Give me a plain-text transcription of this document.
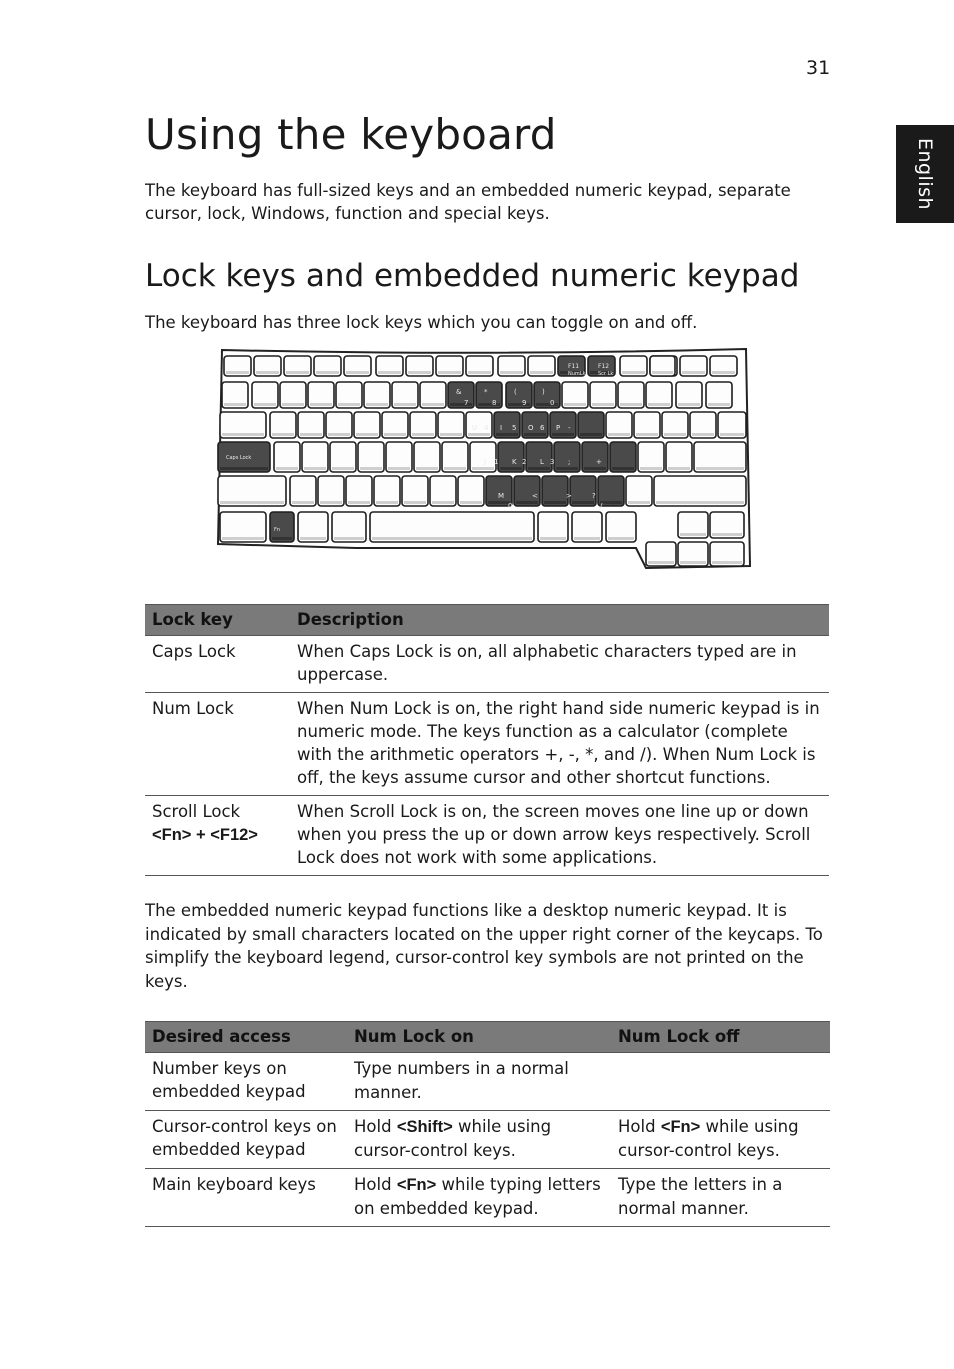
31
English
Using the keyboard

The keyboard has full-sized keys and an embedded numeric keypad, separate cursor, lock, Windows, function and special keys.

Lock keys and embedded numeric keypad

The keyboard has three lock keys which you can toggle on and off.

F11
NumLk
F12
Scr Lk
&
7
*
8
(
9
)
0
U 4 I 5 O 6 P -
Caps Lock	J 1 K 2 L 3 ;	+
M
0
<
.
>
.
?
/
Fn
Lock key	Description
Caps Lock	When Caps Lock is on, all alphabetic characters typed are in uppercase.
Num Lock	When Num Lock is on, the right hand side numeric keypad is in numeric mode. The keys function as a calculator (complete with the arithmetic operators +, -, *, and /). When Num Lock is off, the keys assume cursor and other shortcut functions.
Scroll Lock
<Fn> + <F12>	When Scroll Lock is on, the screen moves one line up or down when you press the up or down arrow keys respectively. Scroll Lock does not work with some applications.

The embedded numeric keypad functions like a desktop numeric keypad. It is indicated by small characters located on the upper right corner of the keycaps. To simplify the keyboard legend, cursor-control key symbols are not printed on the keys.

Desired access	Num Lock on	Num Lock off
Number keys on embedded keypad	Type numbers in a normal manner.	
Cursor-control keys on embedded keypad	Hold <Shift> while using cursor-control keys.	Hold <Fn> while using cursor-control keys.
Main keyboard keys	Hold <Fn> while typing letters on embedded keypad.	Type the letters in a normal manner.
